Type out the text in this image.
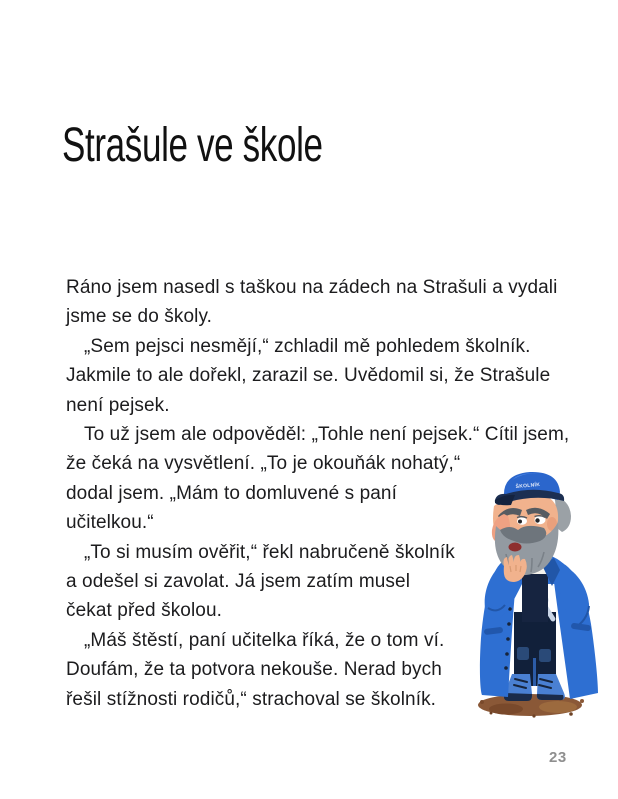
Strašule ve škole
Ráno jsem nasedl s taškou na zádech na Strašuli a vydali
jsme se do školy.
„Sem pejsci nesmějí,“ zchladil mě pohledem školník.
Jakmile to ale dořekl, zarazil se. Uvědomil si, že Strašule
není pejsek.
To už jsem ale odpověděl: „Tohle není pejsek.“ Cítil jsem,
že čeká na vysvětlení. „To je okouňák nohatý,“
dodal jsem. „Mám to domluvené s paní
učitelkou.“
„To si musím ověřit,“ řekl nabručeně školník
a odešel si zavolat. Já jsem zatím musel
čekat před školou.
„Máš štěstí, paní učitelka říká, že o tom ví.
Doufám, že ta potvora nekouše. Nerad bych
řešil stížnosti rodičů,“ strachoval se školník.
ŠKOLNÍK
23
